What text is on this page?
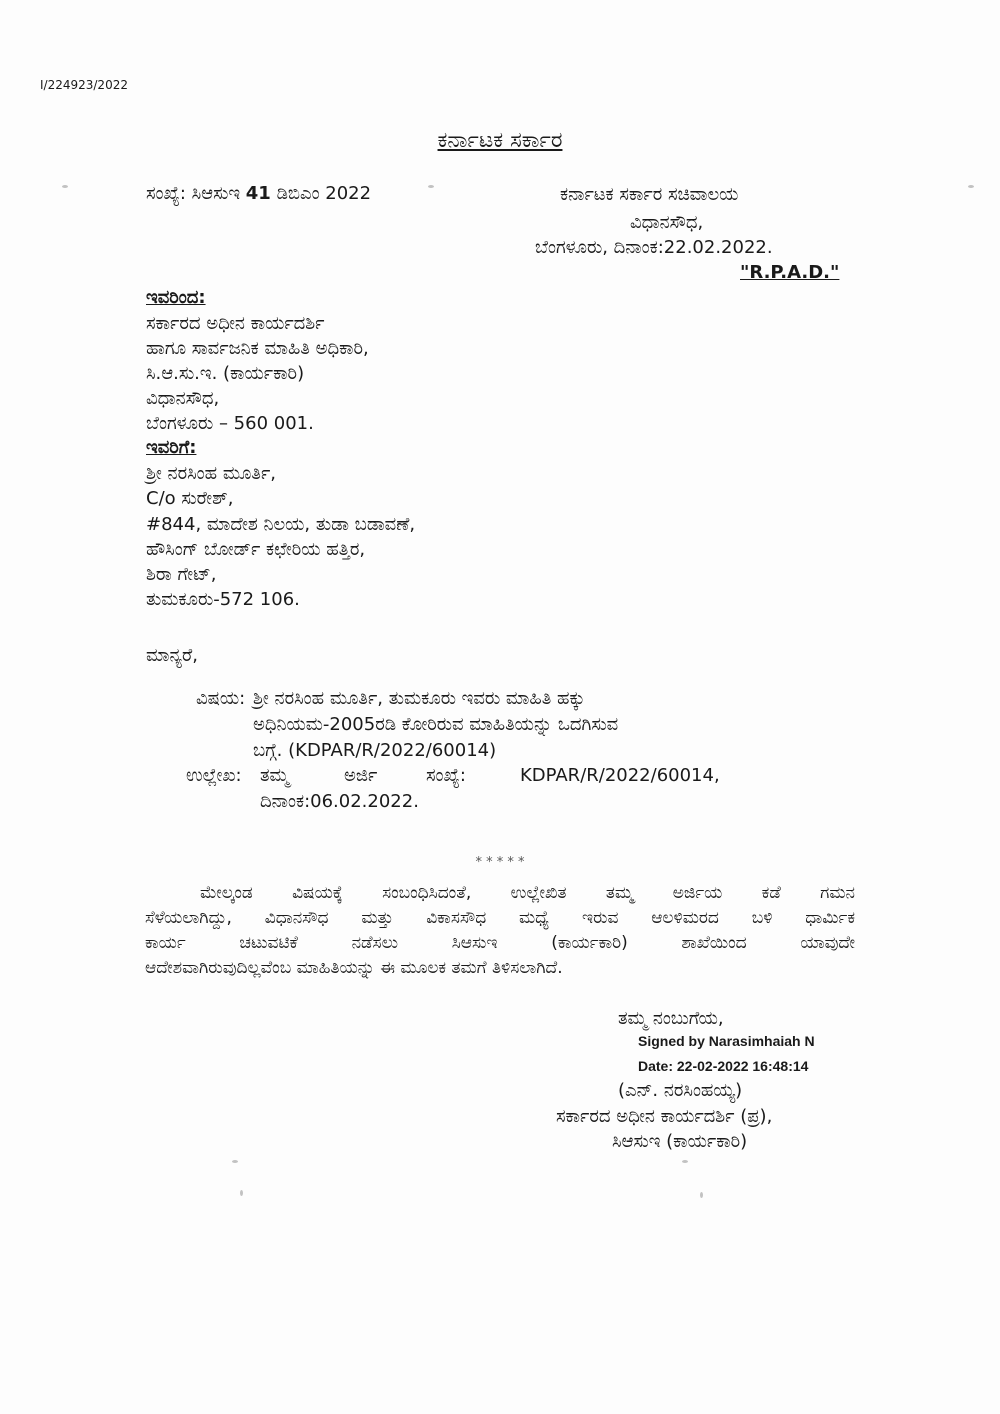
I/224923/2022
ಕರ್ನಾಟಕ ಸರ್ಕಾರ
ಸಂಖ್ಯೆ: ಸಿಆಸುಇ 41 ಡಿಬಿಎಂ 2022	ಕರ್ನಾಟಕ ಸರ್ಕಾರ ಸಚಿವಾಲಯ
ವಿಧಾನಸೌಧ,
ಬೆಂಗಳೂರು, ದಿನಾಂಕ:22.02.2022.
"R.P.A.D."
ಇವರಿಂದ:
ಸರ್ಕಾರದ ಅಧೀನ ಕಾರ್ಯದರ್ಶಿ
ಹಾಗೂ ಸಾರ್ವಜನಿಕ ಮಾಹಿತಿ ಅಧಿಕಾರಿ,
ಸಿ.ಆ.ಸು.ಇ. (ಕಾರ್ಯಕಾರಿ)
ವಿಧಾನಸೌಧ,
ಬೆಂಗಳೂರು – 560 001.
ಇವರಿಗೆ:
ಶ್ರೀ ನರಸಿಂಹ ಮೂರ್ತಿ,
C/o ಸುರೇಶ್,
#844, ಮಾದೇಶ ನಿಲಯ, ತುಡಾ ಬಡಾವಣೆ,
ಹೌಸಿಂಗ್ ಬೋರ್ಡ್ ಕಛೇರಿಯ ಹತ್ತಿರ,
ಶಿರಾ ಗೇಟ್,
ತುಮಕೂರು-572 106.
ಮಾನ್ಯರೆ,
ವಿಷಯ: ಶ್ರೀ ನರಸಿಂಹ ಮೂರ್ತಿ, ತುಮಕೂರು ಇವರು ಮಾಹಿತಿ ಹಕ್ಕು
ಅಧಿನಿಯಮ-2005ರಡಿ ಕೋರಿರುವ ಮಾಹಿತಿಯನ್ನು ಒದಗಿಸುವ
ಬಗ್ಗೆ. (KDPAR/R/2022/60014)
ಉಲ್ಲೇಖ: ತಮ್ಮ	ಅರ್ಜಿ	ಸಂಖ್ಯೆ:	KDPAR/R/2022/60014,
ದಿನಾಂಕ:06.02.2022.
* * * * *
ಮೇಲ್ಕಂಡ ವಿಷಯಕ್ಕೆ ಸಂಬಂಧಿಸಿದಂತೆ, ಉಲ್ಲೇಖಿತ ತಮ್ಮ ಅರ್ಜಿಯ ಕಡೆ ಗಮನ
ಸೆಳೆಯಲಾಗಿದ್ದು, ವಿಧಾನಸೌಧ ಮತ್ತು ವಿಕಾಸಸೌಧ ಮಧ್ಯೆ ಇರುವ ಆಲಳಿಮರದ ಬಳಿ ಧಾರ್ಮಿಕ
ಕಾರ್ಯ ಚಟುವಟಿಕೆ ನಡೆಸಲು ಸಿಆಸುಇ (ಕಾರ್ಯಕಾರಿ) ಶಾಖೆಯಿಂದ ಯಾವುದೇ
ಆದೇಶವಾಗಿರುವುದಿಲ್ಲವೆಂಬ ಮಾಹಿತಿಯನ್ನು ಈ ಮೂಲಕ ತಮಗೆ ತಿಳಿಸಲಾಗಿದೆ.
ತಮ್ಮ ನಂಬುಗೆಯ,
Signed by Narasimhaiah N
Date: 22-02-2022 16:48:14
(ಎನ್. ನರಸಿಂಹಯ್ಯ)
ಸರ್ಕಾರದ ಅಧೀನ ಕಾರ್ಯದರ್ಶಿ (ಪ್ರ),
ಸಿಆಸುಇ (ಕಾರ್ಯಕಾರಿ)
